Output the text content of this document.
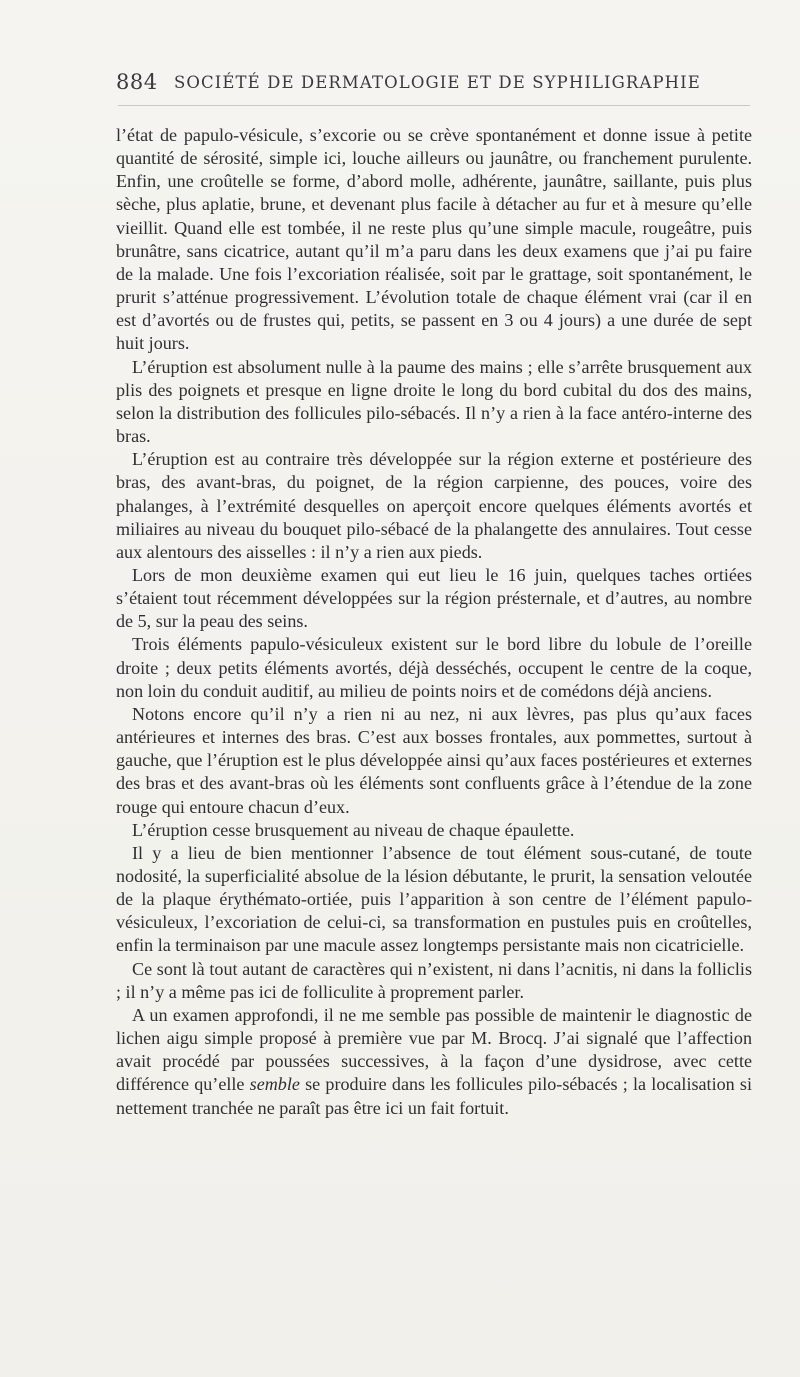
884 SOCIÉTÉ DE DERMATOLOGIE ET DE SYPHILIGRAPHIE

l’état de papulo-vésicule, s’excorie ou se crève spontanément et donne issue à petite quantité de sérosité, simple ici, louche ailleurs ou jaunâtre, ou franchement purulente. Enfin, une croûtelle se forme, d’abord molle, adhérente, jaunâtre, saillante, puis plus sèche, plus aplatie, brune, et devenant plus facile à détacher au fur et à mesure qu’elle vieillit. Quand elle est tombée, il ne reste plus qu’une simple macule, rougeâtre, puis brunâtre, sans cicatrice, autant qu’il m’a paru dans les deux examens que j’ai pu faire de la malade. Une fois l’excoriation réalisée, soit par le grattage, soit spontanément, le prurit s’atténue progressivement. L’évolution totale de chaque élément vrai (car il en est d’avortés ou de frustes qui, petits, se passent en 3 ou 4 jours) a une durée de sept huit jours.

L’éruption est absolument nulle à la paume des mains ; elle s’arrête brusquement aux plis des poignets et presque en ligne droite le long du bord cubital du dos des mains, selon la distribution des follicules pilo-sébacés. Il n’y a rien à la face antéro-interne des bras.

L’éruption est au contraire très développée sur la région externe et postérieure des bras, des avant-bras, du poignet, de la région carpienne, des pouces, voire des phalanges, à l’extrémité desquelles on aperçoit encore quelques éléments avortés et miliaires au niveau du bouquet pilo-sébacé de la phalangette des annulaires. Tout cesse aux alentours des aisselles : il n’y a rien aux pieds.

Lors de mon deuxième examen qui eut lieu le 16 juin, quelques taches ortiées s’étaient tout récemment développées sur la région présternale, et d’autres, au nombre de 5, sur la peau des seins.

Trois éléments papulo-vésiculeux existent sur le bord libre du lobule de l’oreille droite ; deux petits éléments avortés, déjà desséchés, occupent le centre de la coque, non loin du conduit auditif, au milieu de points noirs et de comédons déjà anciens.

Notons encore qu’il n’y a rien ni au nez, ni aux lèvres, pas plus qu’aux faces antérieures et internes des bras. C’est aux bosses frontales, aux pommettes, surtout à gauche, que l’éruption est le plus développée ainsi qu’aux faces postérieures et externes des bras et des avant-bras où les éléments sont confluents grâce à l’étendue de la zone rouge qui entoure chacun d’eux.

L’éruption cesse brusquement au niveau de chaque épaulette.

Il y a lieu de bien mentionner l’absence de tout élément sous-cutané, de toute nodosité, la superficialité absolue de la lésion débutante, le prurit, la sensation veloutée de la plaque érythémato-ortiée, puis l’apparition à son centre de l’élément papulo-vésiculeux, l’excoriation de celui-ci, sa transformation en pustules puis en croûtelles, enfin la terminaison par une macule assez longtemps persistante mais non cicatricielle.

Ce sont là tout autant de caractères qui n’existent, ni dans l’acnitis, ni dans la folliclis ; il n’y a même pas ici de folliculite à proprement parler.

A un examen approfondi, il ne me semble pas possible de maintenir le diagnostic de lichen aigu simple proposé à première vue par M. Brocq. J’ai signalé que l’affection avait procédé par poussées successives, à la façon d’une dysidrose, avec cette différence qu’elle semble se produire dans les follicules pilo-sébacés ; la localisation si nettement tranchée ne paraît pas être ici un fait fortuit.
